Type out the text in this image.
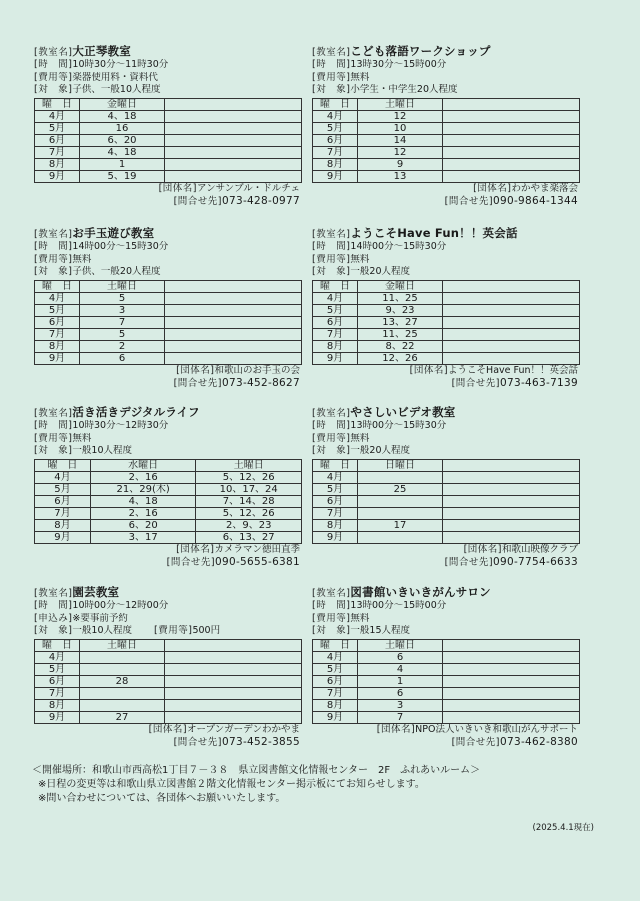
[教室名]大正琴教室
[時　間]10時30分～11時30分
[費用等]楽器使用料・資料代
[対　象]子供、一般10人程度
曜　日	金曜日	
4月	4、18	
5月	16	
6月	6、20	
7月	4、18	
8月	1	
9月	5、19	
[団体名]アンサンブル・ドルチェ
[問合せ先]073-428-0977
[教室名]こども落語ワークショップ
[時　間]13時30分～15時00分
[費用等]無料
[対　象]小学生・中学生20人程度
曜　日	土曜日	
4月	12	
5月	10	
6月	14	
7月	12	
8月	9	
9月	13	
[団体名]わかやま楽落会
[問合せ先]090-9864-1344
[教室名]お手玉遊び教室
[時　間]14時00分～15時30分
[費用等]無料
[対　象]子供、一般20人程度
曜　日	土曜日	
4月	5	
5月	3	
6月	7	
7月	5	
8月	2	
9月	6	
[団体名]和歌山のお手玉の会
[問合せ先]073-452-8627
[教室名]ようこそHave Fun！！英会話
[時　間]14時00分～15時30分
[費用等]無料
[対　象]一般20人程度
曜　日	金曜日	
4月	11、25	
5月	9、23	
6月	13、27	
7月	11、25	
8月	8、22	
9月	12、26	
[団体名]ようこそHave Fun！！英会話
[問合せ先]073-463-7139
[教室名]活き活きデジタルライフ
[時　間]10時30分～12時30分
[費用等]無料
[対　象]一般10人程度
曜　日	水曜日	土曜日
4月	2、16	5、12、26
5月	21、29(木)	10、17、24
6月	4、18	7、14、28
7月	2、16	5、12、26
8月	6、20	2、9、23
9月	3、17	6、13、27
[団体名]カメラマン徳田直季
[問合せ先]090-5655-6381
[教室名]やさしいビデオ教室
[時　間]13時00分～15時30分
[費用等]無料
[対　象]一般20人程度
曜　日	日曜日	
4月		
5月	25	
6月		
7月		
8月	17	
9月		
[団体名]和歌山映像クラブ
[問合せ先]090-7754-6633
[教室名]園芸教室
[時　間]10時00分～12時00分
[申込み]※要事前予約
[対　象]一般10人程度 [費用等]500円
曜　日	土曜日	
4月		
5月		
6月	28	
7月		
8月		
9月	27	
[団体名]オープンガーデンわかやま
[問合せ先]073-452-3855
[教室名]図書館いきいきがんサロン
[時　間]13時00分～15時00分
[費用等]無料
[対　象]一般15人程度
曜　日	土曜日	
4月	6	
5月	4	
6月	1	
7月	6	
8月	3	
9月	7	
[団体名]NPO法人いきいき和歌山がんサポート
[問合せ先]073-462-8380
＜開催場所：和歌山市西高松1丁目７－３８　県立図書館文化情報センター　2F　ふれあいルーム＞
※日程の変更等は和歌山県立図書館２階文化情報センター掲示板にてお知らせします。
※問い合わせについては、各団体へお願いいたします。
(2025.4.1現在)
